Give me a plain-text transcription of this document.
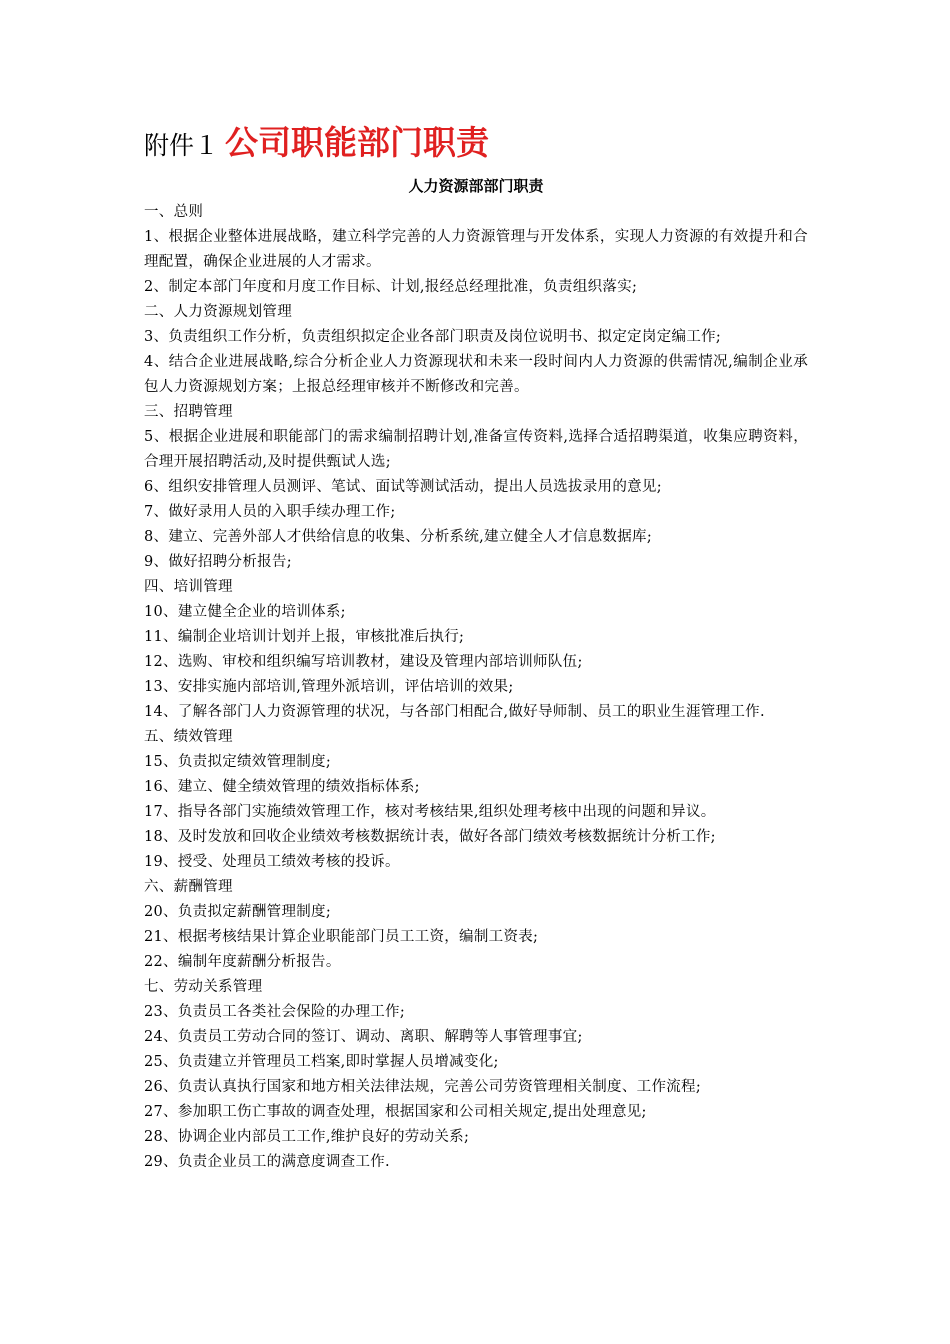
附件１ 公司职能部门职责
人力资源部部门职责

一、总则

1、根据企业整体进展战略，建立科学完善的人力资源管理与开发体系，实现人力资源的有效提升和合理配置，确保企业进展的人才需求。

2、制定本部门年度和月度工作目标、计划,报经总经理批准，负责组织落实;

二、人力资源规划管理

3、负责组织工作分析，负责组织拟定企业各部门职责及岗位说明书、拟定定岗定编工作;

4、结合企业进展战略,综合分析企业人力资源现状和未来一段时间内人力资源的供需情况,编制企业承包人力资源规划方案；上报总经理审核并不断修改和完善。

三、招聘管理

5、根据企业进展和职能部门的需求编制招聘计划,准备宣传资料,选择合适招聘渠道，收集应聘资料，合理开展招聘活动,及时提供甄试人选;

6、组织安排管理人员测评、笔试、面试等测试活动，提出人员选拔录用的意见;

7、做好录用人员的入职手续办理工作;

8、建立、完善外部人才供给信息的收集、分析系统,建立健全人才信息数据库;

9、做好招聘分析报告;

四、培训管理

10、建立健全企业的培训体系;

11、编制企业培训计划并上报，审核批准后执行;

12、选购、审校和组织编写培训教材，建设及管理内部培训师队伍;

13、安排实施内部培训,管理外派培训，评估培训的效果;

14、了解各部门人力资源管理的状况，与各部门相配合,做好导师制、员工的职业生涯管理工作.

五、绩效管理

15、负责拟定绩效管理制度;

16、建立、健全绩效管理的绩效指标体系;

17、指导各部门实施绩效管理工作，核对考核结果,组织处理考核中出现的问题和异议。

18、及时发放和回收企业绩效考核数据统计表，做好各部门绩效考核数据统计分析工作;

19、授受、处理员工绩效考核的投诉。

六、薪酬管理

20、负责拟定薪酬管理制度;

21、根据考核结果计算企业职能部门员工工资，编制工资表;

22、编制年度薪酬分析报告。

七、劳动关系管理

23、负责员工各类社会保险的办理工作;

24、负责员工劳动合同的签订、调动、离职、解聘等人事管理事宜;

25、负责建立并管理员工档案,即时掌握人员增减变化;

26、负责认真执行国家和地方相关法律法规，完善公司劳资管理相关制度、工作流程;

27、参加职工伤亡事故的调查处理，根据国家和公司相关规定,提出处理意见;

28、协调企业内部员工工作,维护良好的劳动关系;

29、负责企业员工的满意度调查工作.
